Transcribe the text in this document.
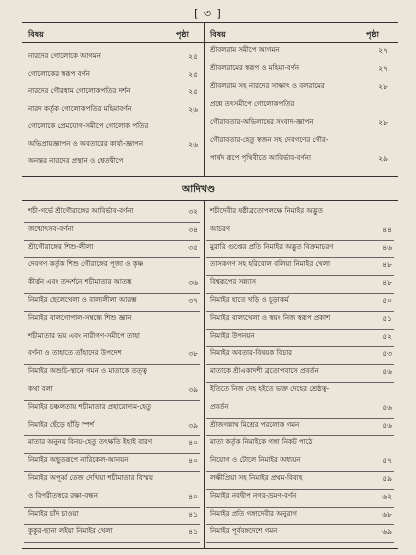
[ ৩ ]
বিষয়	পৃষ্ঠা	বিষয়	পৃষ্ঠা
নারদের গোলোকে আগমন	২৫
গোলোকের স্বরূপ বর্ণন	২৫
নারদের গৌরধাম গোলোকপতির দর্শন	২৫
নারদ কর্তৃক গোলোকপতির মহিমাবর্ণন	২৬
গোলোকে প্রেমযোগ-সমীপে গোলোক পতির
অভিপ্রায়জ্ঞাপন ও অবতারের কার্য্য-জ্ঞাপন	২৬
অনন্তর নারদের প্রস্থান ও শ্বেতদ্বীপে
শ্রীবলরাম সমীপে আগমন	২৭
শ্রীবলরামের স্বরূপ ও মহিমা-বর্ণন	২৭
শ্রীবলরাম সহ নারদের সাক্ষাৎ ও বলরামের	২৮
প্রশ্নে তৎসমীপে গোলোকপতির
গৌরাবতার-অভিলাষের সংবাদ-জ্ঞাপন	২৮
গৌরাবতার-হেতু স্বজন সহ দেবগণের গৌর-
পার্ষদ রূপে পৃথিবীতে আবির্ভাব-বর্ণনা	২৯
আদিখণ্ড
শচী-গর্ভে শ্রীগৌরাঙ্গের আবির্ভাব-বর্ণনা	৩২
জন্মোৎসব-বর্ণনা	৩৪
শ্রীগৌরাঙ্গের শিশু-লীলা	৩৫
দেবগণ কর্তৃক শিশু গৌরাঙ্গের পূজা ও কৃষ্ণ
কীর্ত্তন এবং তদ্দর্শনে শচীমাতার আতঙ্ক	৩৬
নিমাইর ছেলেখেলা ও বাল্যলীলা আরম্ভ	৩৭
নিমাইর বালগোপাল-সম্বন্ধে শিশু জ্ঞান
শচীমাতার ভয় এবং নারীগণ-সমীপে তাহা
বর্ণনা ও তাহাতে তাঁহাদের উপদেশ	৩৮
নিমাইর অশুচি-স্থানে গমন ও মাতাকে তত্ত্ব
কথা বলা	৩৯
নিমাইর চঞ্চলতায় শচীমাতার প্রহারোদ্যম-হেতু
নিমাইর ছেঁড়ে হাঁড়ি স্পর্শ	৩৯
মাতার অনুনয় বিনয়-হেতু তৎক্ষতি ইহাই বারণ	৪০
নিমাইর অছুতরূপে নারিকেল-আনয়ন	৪০
নিমাইর অপূর্ব্ব তেজ দেখিয়া শচীমাতার বিস্ময়
ও বিপরীতস্বরে রক্ষা-বন্ধন	৪০
নিমাইর চাঁদ চাওয়া	৪১
কুকুর-ছানা লইয়া নিমাইর খেলা	৪১
শচীদেবীর ষষ্ঠীব্রতোপলক্ষে নিমাইর অদ্ভুত
আচরণ	৪৪
মুরারি গুপ্তের প্রতি নিমাইর অদ্ভুত বিক্রমাচরণ	৪৬
তাসকগণ সহ হরিবোল বলিয়া নিমাইর খেলা	৪৮
বিশ্বরূপের সন্ন্যাস	৪৮
নিমাইর হাতে খড়ি ও চূড়াকর্ম	৫০
নিমাইর বাল্যখেলা ও স্বয়ং নিজ স্বরূপ প্রকাশ	৫১
নিমাইর উপনয়ন	৫২
নিমাইর অবতার-বিষয়ক বিচার	৫৩
মাতাকে শ্রীএকাদশী ব্রতোপবাসে প্রবর্তন	৫৬
ইতিতে নিজ দেহ হইতে ভক্ত দেহের শ্রেষ্ঠত্ব-
প্রবর্তন	৫৬
শ্রীজগন্নাথ মিশ্রের পরলোক গমন	৫৬
মাতা কর্তৃক নিমাইকে গঙ্গা নিকট পাঠে
নিয়োগ ও টোলে নিমাইর অধ্যয়ন	৫৭
লক্ষীপ্রিয়া সহ নিমাইর প্রথম-বিবাহ	৫৯
নিমাইর নবদ্বীপ নগর-ভ্রমণ-বর্ণন	৬২
নিমাইর প্রতি গঙ্গাদেবীর অনুরাগ	৬৮
নিমাইর পূর্ববঙ্গদেশে গমন	৬৯
